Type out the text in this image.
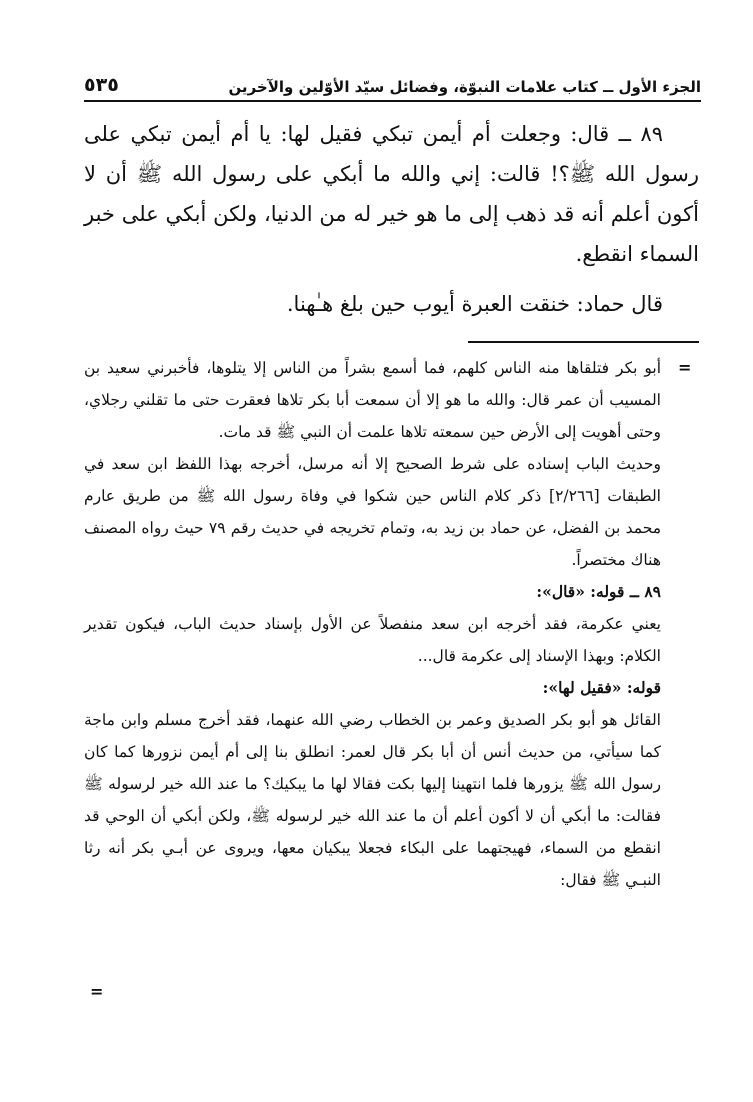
٥٣٥	الجزء الأول ــ كتاب علامات النبوّة، وفضائل سيّد الأوّلين والآخرين

٨٩ ــ قال: وجعلت أم أيمن تبكي فقيل لها: يا أم أيمن تبكي على رسول الله ﷺ؟! قالت: إني والله ما أبكي على رسول الله ﷺ أن لا أكون أعلم أنه قد ذهب إلى ما هو خير له من الدنيا، ولكن أبكي على خبر السماء انقطع.

قال حماد: خنقت العبرة أيوب حين بلغ هـٰهنا.

=

أبو بكر فتلقاها منه الناس كلهم، فما أسمع بشراً من الناس إلا يتلوها، فأخبرني سعيد بن المسيب أن عمر قال: والله ما هو إلا أن سمعت أبا بكر تلاها فعقرت حتى ما تقلني رجلاي، وحتى أهويت إلى الأرض حين سمعته تلاها علمت أن النبي ﷺ قد مات.

وحديث الباب إسناده على شرط الصحيح إلا أنه مرسل، أخرجه بهذا اللفظ ابن سعد في الطبقات [٢/٢٦٦] ذكر كلام الناس حين شكوا في وفاة رسول الله ﷺ من طريق عارم محمد بن الفضل، عن حماد بن زيد به، وتمام تخريجه في حديث رقم ٧٩ حيث رواه المصنف هناك مختصراً.

٨٩ ــ قوله: «قال»:

يعني عكرمة، فقد أخرجه ابن سعد منفصلاً عن الأول بإسناد حديث الباب، فيكون تقدير الكلام: وبهذا الإسناد إلى عكرمة قال...

قوله: «فقيل لها»:

القائل هو أبو بكر الصديق وعمر بن الخطاب رضي الله عنهما، فقد أخرج مسلم وابن ماجة كما سيأتي، من حديث أنس أن أبا بكر قال لعمر: انطلق بنا إلى أم أيمن نزورها كما كان رسول الله ﷺ يزورها فلما انتهينا إليها بكت فقالا لها ما يبكيك؟ ما عند الله خير لرسوله ﷺ فقالت: ما أبكي أن لا أكون أعلم أن ما عند الله خير لرسوله ﷺ، ولكن أبكي أن الوحي قد انقطع من السماء، فهيجتهما على البكاء فجعلا يبكيان معها، ويروى عن أبـي بكر أنه رثا النبـي ﷺ فقال:

=
